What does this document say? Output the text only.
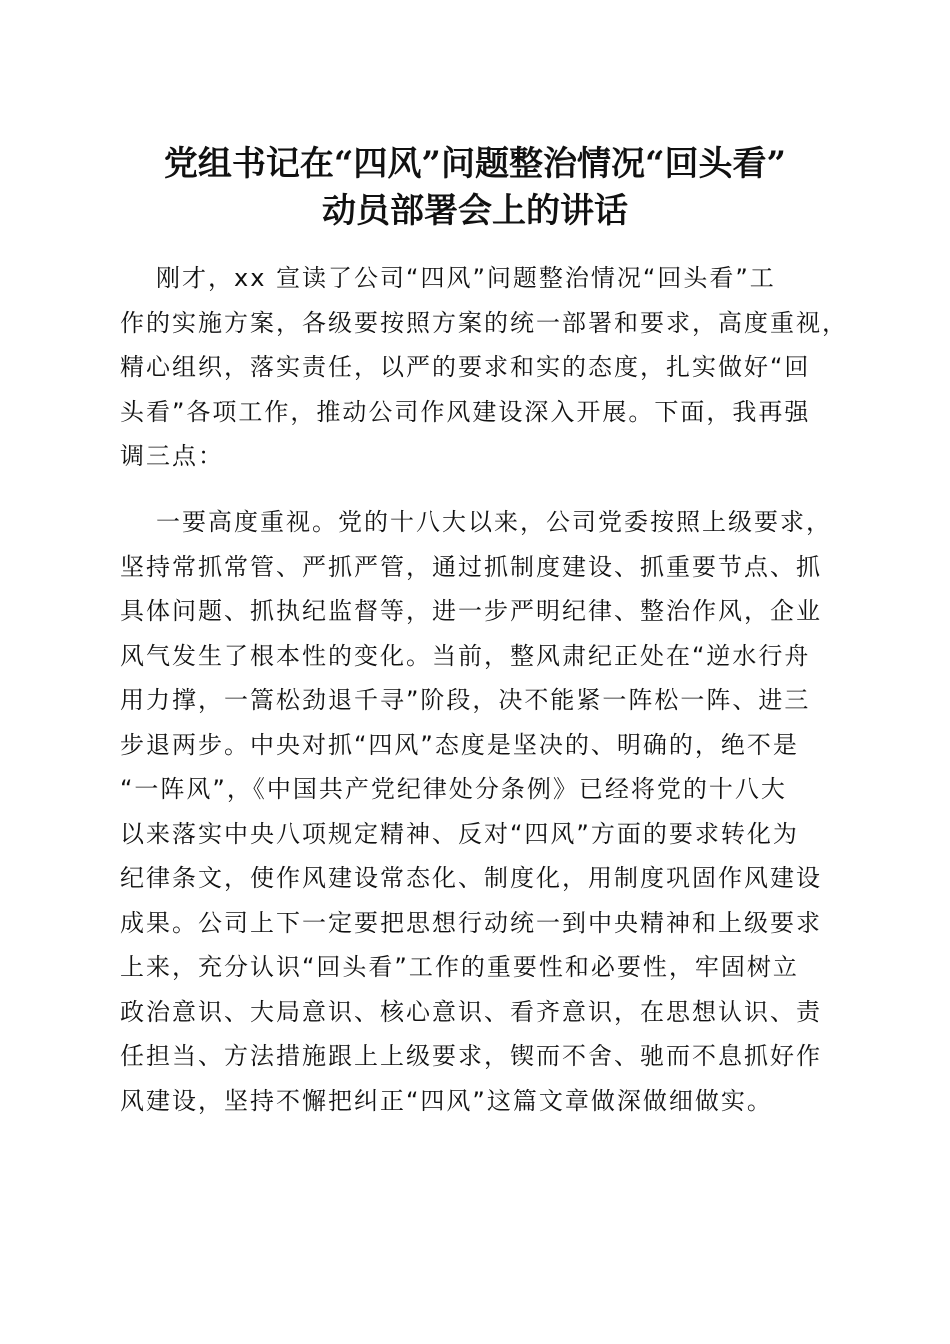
党组书记在“四风”问题整治情况“回头看”
动员部署会上的讲话
刚才，xx 宣读了公司“四风”问题整治情况“回头看”工
作的实施方案，各级要按照方案的统一部署和要求，高度重视，
精心组织，落实责任，以严的要求和实的态度，扎实做好“回
头看”各项工作，推动公司作风建设深入开展。下面，我再强
调三点：
一要高度重视。党的十八大以来，公司党委按照上级要求，
坚持常抓常管、严抓严管，通过抓制度建设、抓重要节点、抓
具体问题、抓执纪监督等，进一步严明纪律、整治作风，企业
风气发生了根本性的变化。当前，整风肃纪正处在“逆水行舟
用力撑，一篙松劲退千寻”阶段，决不能紧一阵松一阵、进三
步退两步。中央对抓“四风”态度是坚决的、明确的，绝不是
“一阵风”，《中国共产党纪律处分条例》已经将党的十八大
以来落实中央八项规定精神、反对“四风”方面的要求转化为
纪律条文，使作风建设常态化、制度化，用制度巩固作风建设
成果。公司上下一定要把思想行动统一到中央精神和上级要求
上来，充分认识“回头看”工作的重要性和必要性，牢固树立
政治意识、大局意识、核心意识、看齐意识，在思想认识、责
任担当、方法措施跟上上级要求，锲而不舍、驰而不息抓好作
风建设，坚持不懈把纠正“四风”这篇文章做深做细做实。
